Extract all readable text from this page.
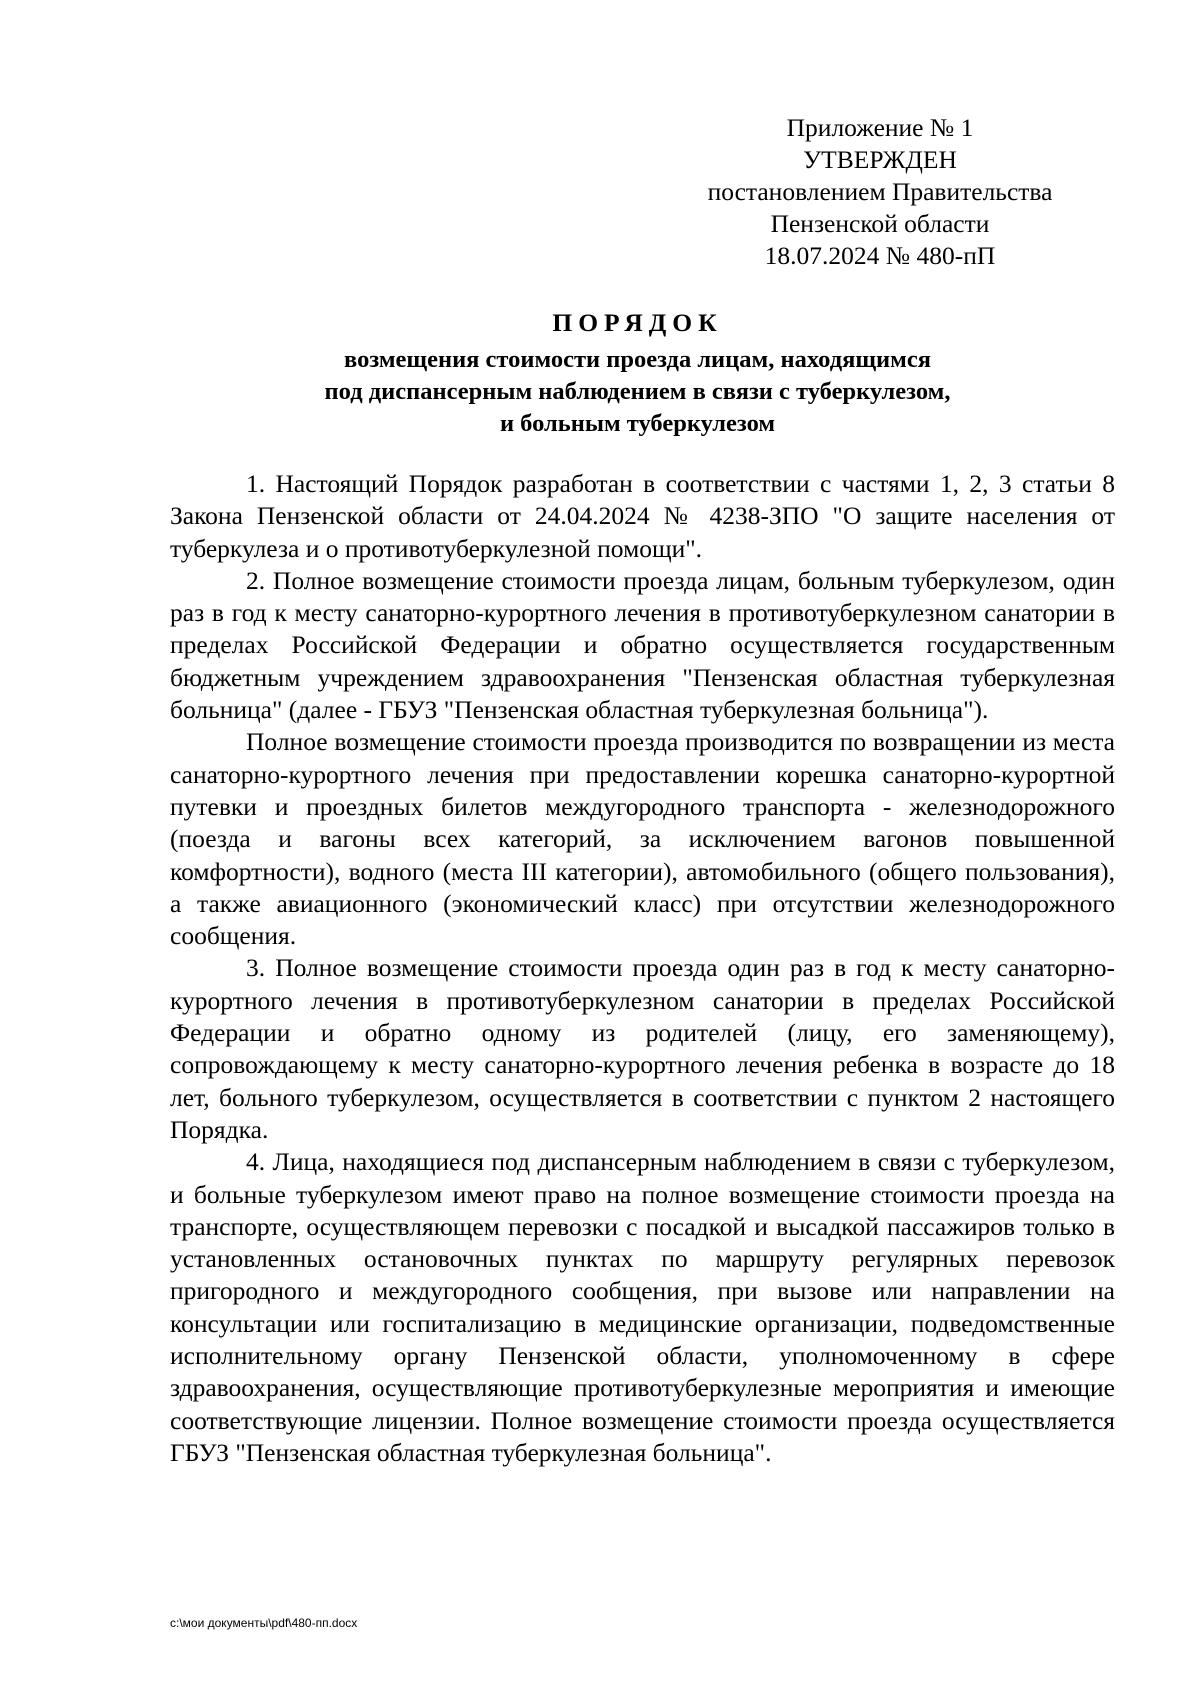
Приложение № 1
УТВЕРЖДЕН
постановлением Правительства
Пензенской области
18.07.2024 № 480-пП
ПОРЯДОК
возмещения стоимости проезда лицам, находящимся
под диспансерным наблюдением в связи с туберкулезом,
и больным туберкулезом

1. Настоящий Порядок разработан в соответствии с частями 1, 2, 3 статьи 8 Закона Пензенской области от 24.04.2024 № 4238-ЗПО "О защите населения от туберкулеза и о противотуберкулезной помощи".

2. Полное возмещение стоимости проезда лицам, больным туберкулезом, один раз в год к месту санаторно-курортного лечения в противотуберкулезном санатории в пределах Российской Федерации и обратно осуществляется государственным бюджетным учреждением здравоохранения "Пензенская областная туберкулезная больница" (далее - ГБУЗ "Пензенская областная туберкулезная больница").

Полное возмещение стоимости проезда производится по возвращении из места санаторно-курортного лечения при предоставлении корешка санаторно-курортной путевки и проездных билетов междугородного транспорта - железнодорожного (поезда и вагоны всех категорий, за исключением вагонов повышенной комфортности), водного (места III категории), автомобильного (общего пользования), а также авиационного (экономический класс) при отсутствии железнодорожного сообщения.

3. Полное возмещение стоимости проезда один раз в год к месту санаторно-курортного лечения в противотуберкулезном санатории в пределах Российской Федерации и обратно одному из родителей (лицу, его заменяющему), сопровождающему к месту санаторно-курортного лечения ребенка в возрасте до 18 лет, больного туберкулезом, осуществляется в соответствии с пунктом 2 настоящего Порядка.

4. Лица, находящиеся под диспансерным наблюдением в связи с туберкулезом, и больные туберкулезом имеют право на полное возмещение стоимости проезда на транспорте, осуществляющем перевозки с посадкой и высадкой пассажиров только в установленных остановочных пунктах по маршруту регулярных перевозок пригородного и междугородного сообщения, при вызове или направлении на консультации или госпитализацию в медицинские организации, подведомственные исполнительному органу Пензенской области, уполномоченному в сфере здравоохранения, осуществляющие противотуберкулезные мероприятия и имеющие соответствующие лицензии. Полное возмещение стоимости проезда осуществляется ГБУЗ "Пензенская областная туберкулезная больница".

c:\мои документы\pdf\480-пп.docx
